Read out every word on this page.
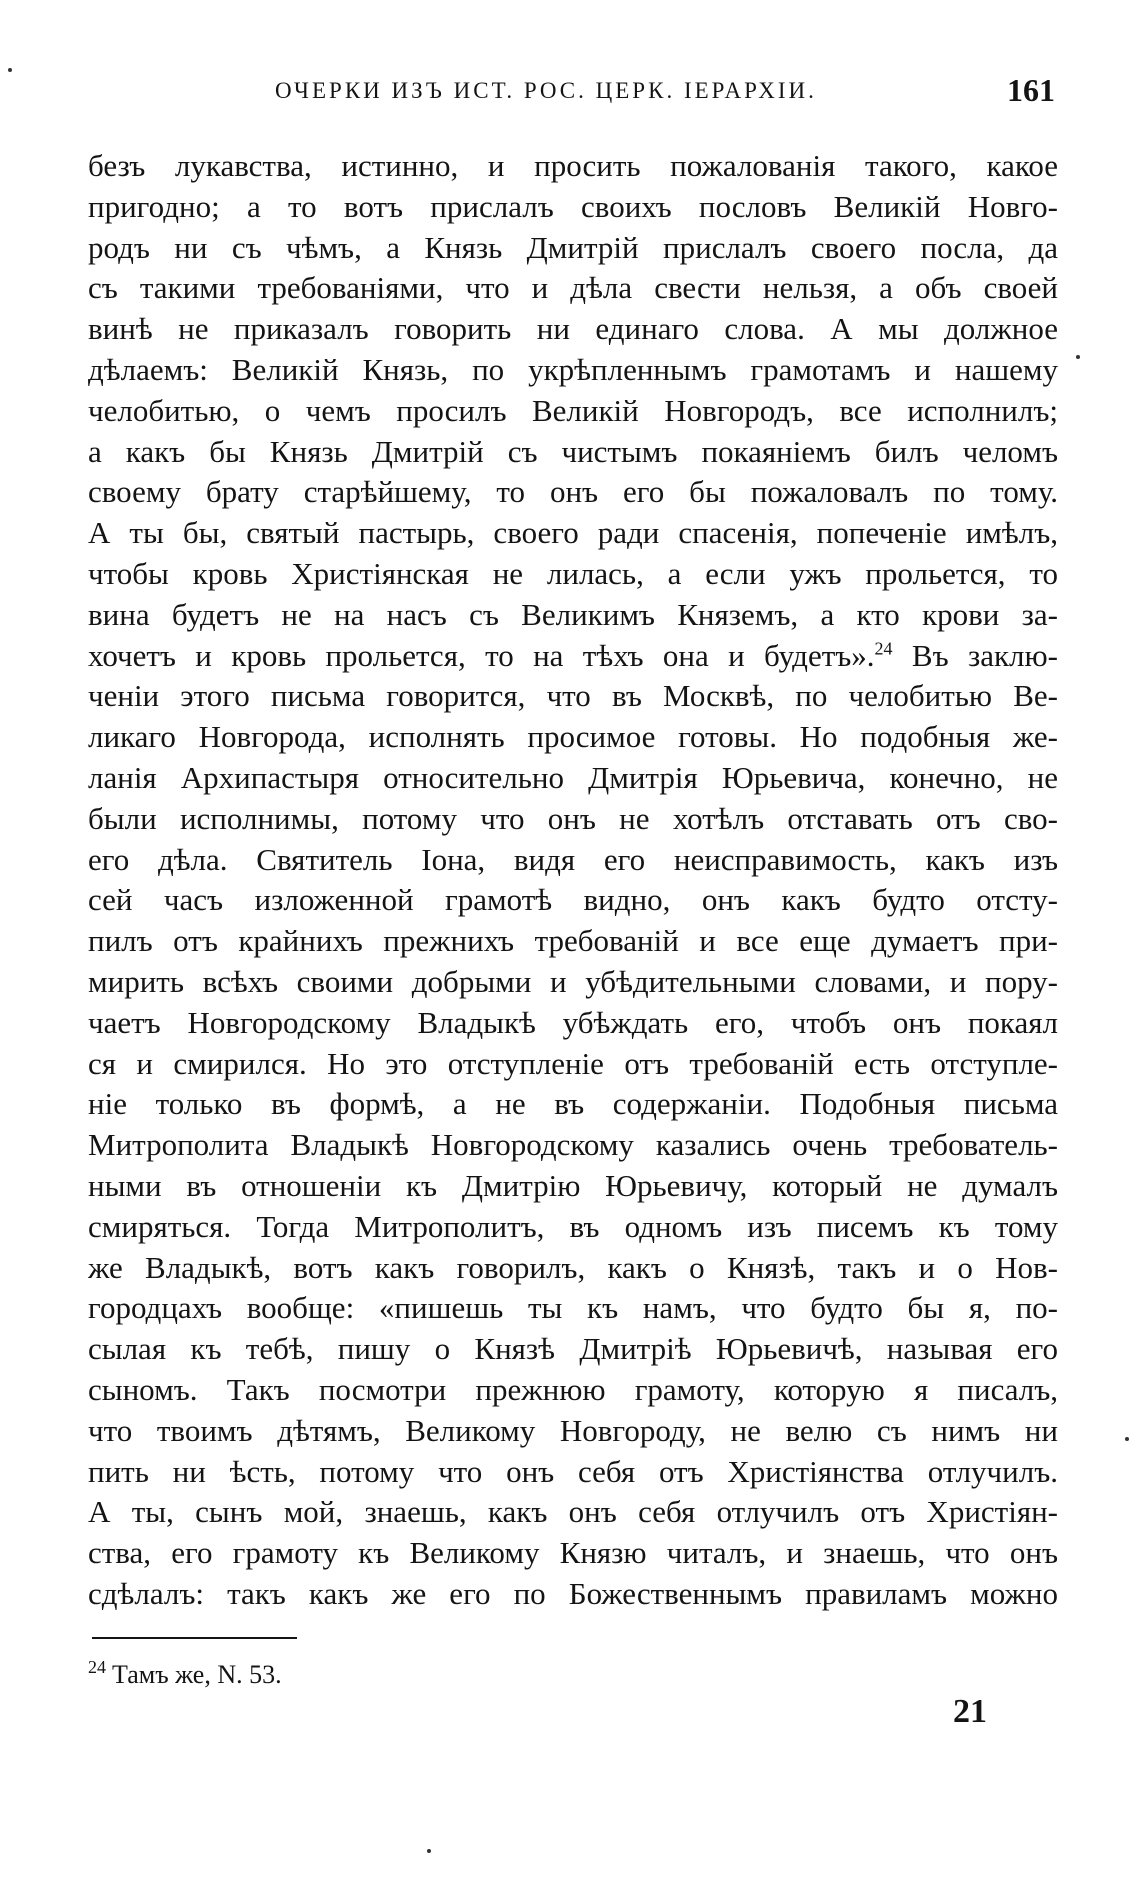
ОЧЕРКИ ИЗЪ ИСТ. РОС. ЦЕРК. ІЕРАРХІИ.	161
безъ лукавства, истинно, и просить пожалованія такого, какое
пригодно; а то вотъ прислалъ своихъ пословъ Великій Новго-
родъ ни съ чѣмъ, а Князь Дмитрій прислалъ своего посла, да
съ такими требованіями, что и дѣла свести нельзя, а объ своей
винѣ не приказалъ говорить ни единаго слова. А мы должное
дѣлаемъ: Великій Князь, по укрѣпленнымъ грамотамъ и нашему
челобитью, о чемъ просилъ Великій Новгородъ, все исполнилъ;
а какъ бы Князь Дмитрій съ чистымъ покаяніемъ билъ челомъ
своему брату старѣйшему, то онъ его бы пожаловалъ по тому.
А ты бы, святый пастырь, своего ради спасенія, попеченіе имѣлъ,
чтобы кровь Христіянская не лилась, а если ужъ прольется, то
вина будетъ не на насъ съ Великимъ Княземъ, а кто крови за-
хочетъ и кровь прольется, то на тѣхъ она и будетъ».$^{24}$ Въ заклю-
ченіи этого письма говорится, что въ Москвѣ, по челобитью Ве-
ликаго Новгорода, исполнять просимое готовы. Но подобныя же-
ланія Архипастыря относительно Дмитрія Юрьевича, конечно, не
были исполнимы, потому что онъ не хотѣлъ отставать отъ сво-
его дѣла. Святитель Іона, видя его неисправимость, какъ изъ
сей часъ изложенной грамотѣ видно, онъ какъ будто отсту-
пилъ отъ крайнихъ прежнихъ требованій и все еще думаетъ при-
мирить всѣхъ своими добрыми и убѣдительными словами, и пору-
чаетъ Новгородскому Владыкѣ убѣждать его, чтобъ онъ покаял
ся и смирился. Но это отступленіе отъ требованій есть отступле-
ніе только въ формѣ, а не въ содержаніи. Подобныя письма
Митрополита Владыкѣ Новгородскому казались очень требователь-
ными въ отношеніи къ Дмитрію Юрьевичу, который не думалъ
смиряться. Тогда Митрополитъ, въ одномъ изъ писемъ къ тому
же Владыкѣ, вотъ какъ говорилъ, какъ о Князѣ, такъ и о Нов-
городцахъ вообще: «пишешь ты къ намъ, что будто бы я, по-
сылая къ тебѣ, пишу о Князѣ Дмитріѣ Юрьевичѣ, называя его
сыномъ. Такъ посмотри прежнюю грамоту, которую я писалъ,
что твоимъ дѣтямъ, Великому Новгороду, не велю съ нимъ ни
пить ни ѣсть, потому что онъ себя отъ Христіянства отлучилъ.
А ты, сынъ мой, знаешь, какъ онъ себя отлучилъ отъ Христіян-
ства, его грамоту къ Великому Князю читалъ, и знаешь, что онъ
сдѣлалъ: такъ какъ же его по Божественнымъ правиламъ можно
$^{24}$ Тамъ же, N. 53.
21
